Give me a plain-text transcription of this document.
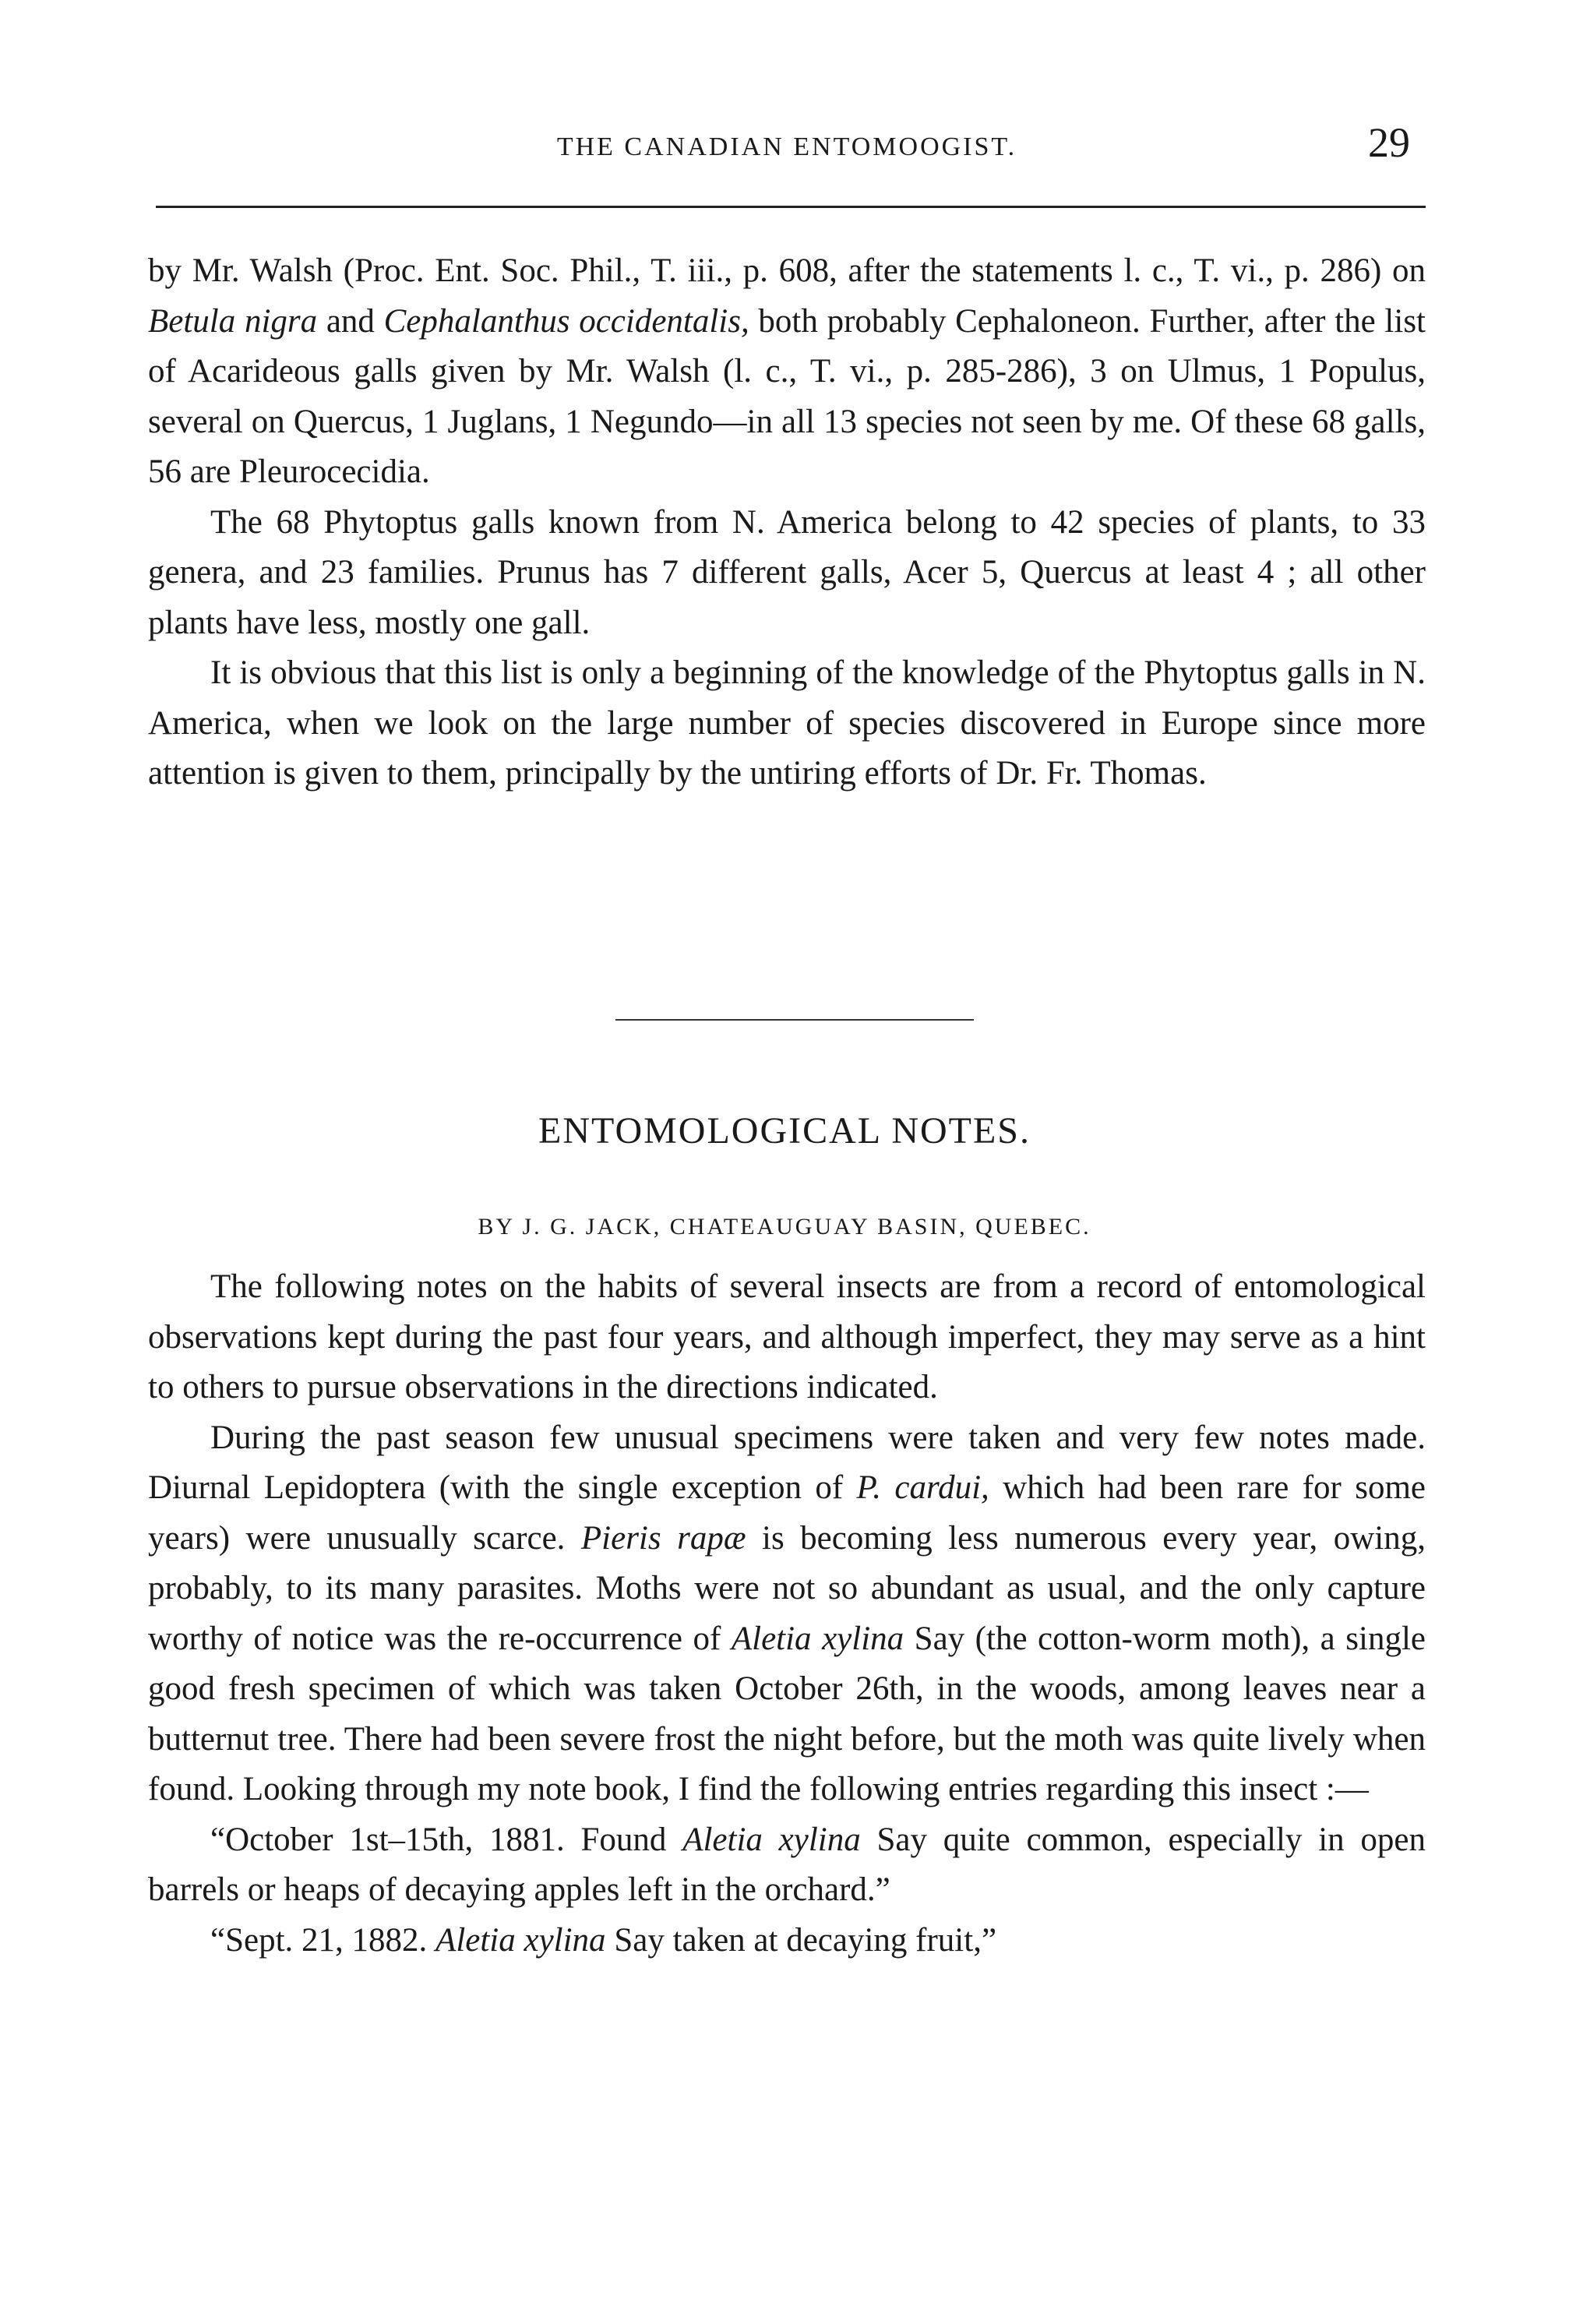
THE CANADIAN ENTOMOOGIST.	29

by Mr. Walsh (Proc. Ent. Soc. Phil., T. iii., p. 608, after the statements l. c., T. vi., p. 286) on Betula nigra and Cephalanthus occidentalis, both probably Cephaloneon. Further, after the list of Acarideous galls given by Mr. Walsh (l. c., T. vi., p. 285-286), 3 on Ulmus, 1 Populus, several on Quercus, 1 Juglans, 1 Negundo—in all 13 species not seen by me. Of these 68 galls, 56 are Pleurocecidia.

The 68 Phytoptus galls known from N. America belong to 42 species of plants, to 33 genera, and 23 families. Prunus has 7 different galls, Acer 5, Quercus at least 4 ; all other plants have less, mostly one gall.

It is obvious that this list is only a beginning of the knowledge of the Phytoptus galls in N. America, when we look on the large number of species discovered in Europe since more attention is given to them, principally by the untiring efforts of Dr. Fr. Thomas.

ENTOMOLOGICAL NOTES.
BY J. G. JACK, CHATEAUGUAY BASIN, QUEBEC.

The following notes on the habits of several insects are from a record of entomological observations kept during the past four years, and although imperfect, they may serve as a hint to others to pursue observations in the directions indicated.

During the past season few unusual specimens were taken and very few notes made. Diurnal Lepidoptera (with the single exception of P. cardui, which had been rare for some years) were unusually scarce. Pieris rapæ is becoming less numerous every year, owing, probably, to its many parasites. Moths were not so abundant as usual, and the only capture worthy of notice was the re-occurrence of Aletia xylina Say (the cotton-worm moth), a single good fresh specimen of which was taken October 26th, in the woods, among leaves near a butternut tree. There had been severe frost the night before, but the moth was quite lively when found. Looking through my note book, I find the following entries regarding this insect :—

“October 1st–15th, 1881. Found Aletia xylina Say quite common, especially in open barrels or heaps of decaying apples left in the orchard.”

“Sept. 21, 1882. Aletia xylina Say taken at decaying fruit,”
